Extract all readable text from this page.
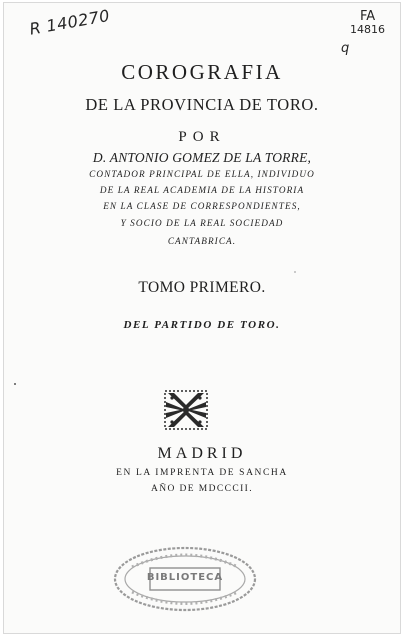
R 140270	FA
14816
q
COROGRAFIA
DE LA PROVINCIA DE TORO.
POR
D. ANTONIO GOMEZ DE LA TORRE,
CONTADOR PRINCIPAL DE ELLA, INDIVIDUO
DE LA REAL ACADEMIA DE LA HISTORIA
EN LA CLASE DE CORRESPONDIENTES,
Y SOCIO DE LA REAL SOCIEDAD
CANTABRICA.
TOMO PRIMERO.
DEL PARTIDO DE TORO.
MADRID
EN LA IMPRENTA DE SANCHA
AÑO DE MDCCCII.
BIBLIOTECA
